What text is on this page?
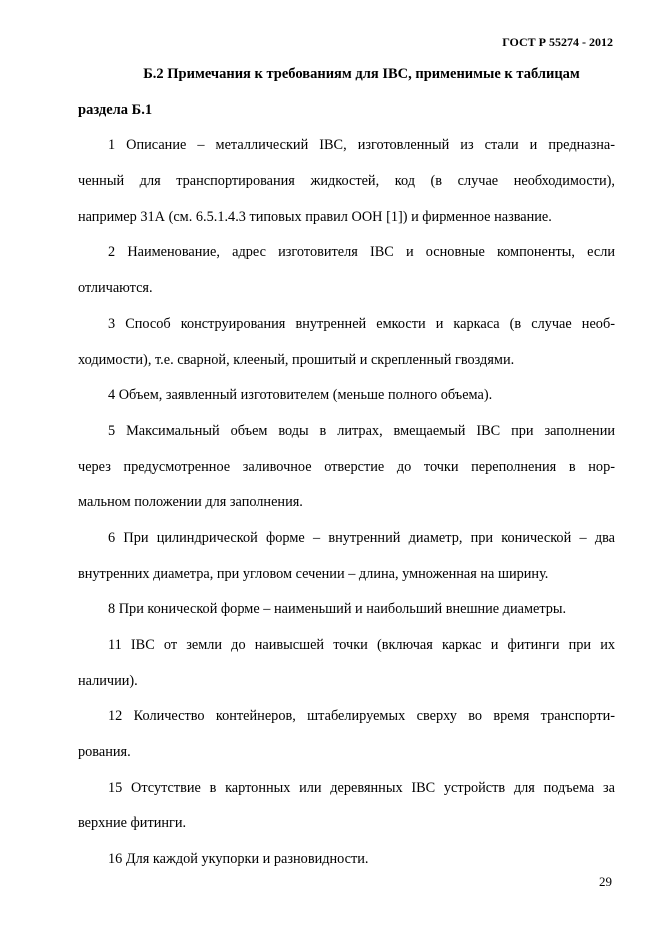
ГОСТ Р 55274 - 2012
Б.2 Примечания к требованиям для IBC, применимые к таблицам
раздела Б.1
1 Описание – металлический IBC, изготовленный из стали и предназна-
ченный для транспортирования жидкостей, код (в случае необходимости),
например 31А (см. 6.5.1.4.3 типовых правил ООН [1]) и фирменное название.
2 Наименование, адрес изготовителя IBC и основные компоненты, если
отличаются.
3 Способ конструирования внутренней емкости и каркаса (в случае необ-
ходимости), т.е. сварной, клееный, прошитый и скрепленный гвоздями.
4 Объем, заявленный изготовителем (меньше полного объема).
5 Максимальный объем воды в литрах, вмещаемый IBC при заполнении
через предусмотренное заливочное отверстие до точки переполнения в нор-
мальном положении для заполнения.
6 При цилиндрической форме – внутренний диаметр, при конической – два
внутренних диаметра, при угловом сечении – длина, умноженная на ширину.
8 При конической форме – наименьший и наибольший внешние диаметры.
11 IBC от земли до наивысшей точки (включая каркас и фитинги при их
наличии).
12 Количество контейнеров, штабелируемых сверху во время транспорти-
рования.
15 Отсутствие в картонных или деревянных IBC устройств для подъема за
верхние фитинги.
16 Для каждой укупорки и разновидности.
29
